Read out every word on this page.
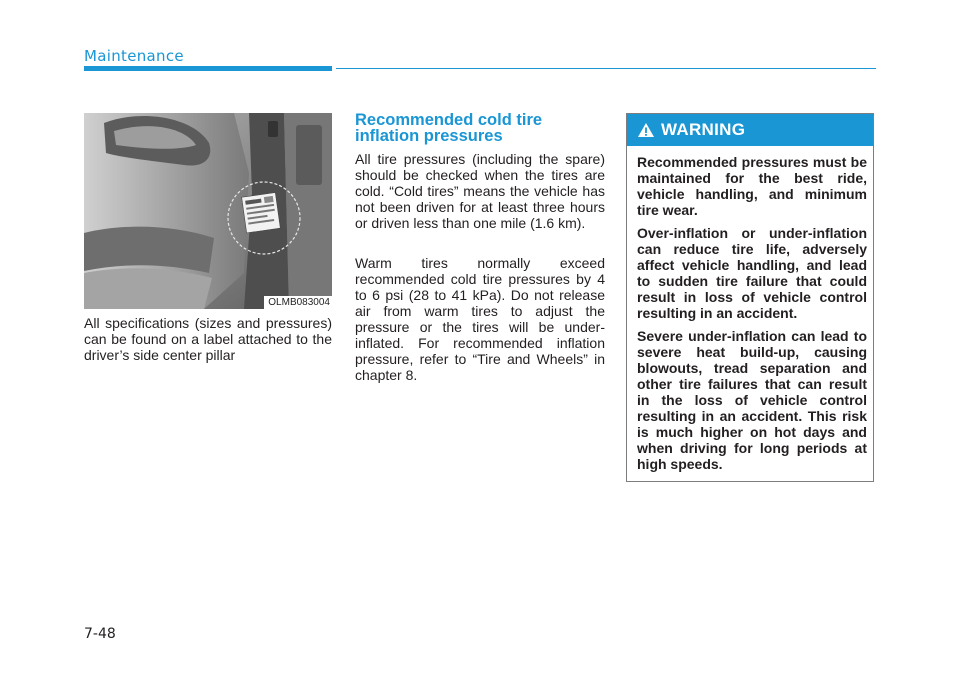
Maintenance
OLMB083004

All specifications (sizes and pressures) can be found on a label attached to the driver’s side center pillar

Recommended cold tire inflation pressures

All tire pressures (including the spare) should be checked when the tires are cold. “Cold tires” means the vehicle has not been driven for at least three hours or driven less than one mile (1.6 km).

Warm tires normally exceed recommended cold tire pressures by 4 to 6 psi (28 to 41 kPa). Do not release air from warm tires to adjust the pressure or the tires will be under-inflated. For recommended inflation pressure, refer to “Tire and Wheels” in chapter 8.

WARNING

Recommended pressures must be maintained for the best ride, vehicle handling, and minimum tire wear.

Over-inflation or under-inflation can reduce tire life, adversely affect vehicle handling, and lead to sudden tire failure that could result in loss of vehicle control resulting in an accident.

Severe under-inflation can lead to severe heat build-up, causing blowouts, tread separation and other tire failures that can result in the loss of vehicle control resulting in an accident. This risk is much higher on hot days and when driving for long periods at high speeds.

7-48
